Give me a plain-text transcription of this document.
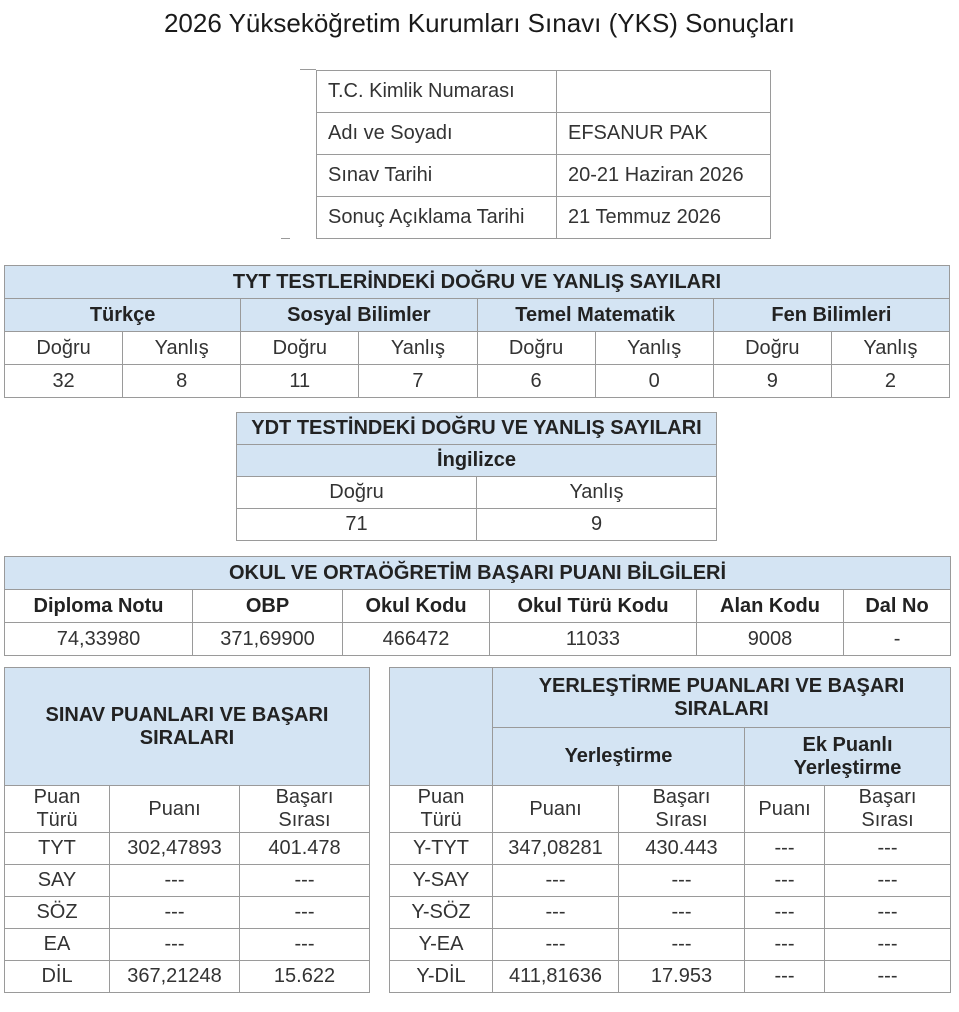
2026 Yükseköğretim Kurumları Sınavı (YKS) Sonuçları
T.C. Kimlik Numarası	
Adı ve Soyadı	EFSANUR PAK
Sınav Tarihi	20-21 Haziran 2026
Sonuç Açıklama Tarihi	21 Temmuz 2026
TYT TESTLERİNDEKİ DOĞRU VE YANLIŞ SAYILARI							
Türkçe		Sosyal Bilimler		Temel Matematik		Fen Bilimleri	
Doğru	Yanlış	Doğru	Yanlış	Doğru	Yanlış	Doğru	Yanlış
32	8	11	7	6	0	9	2
YDT TESTİNDEKİ DOĞRU VE YANLIŞ SAYILARI	
İngilizce	
Doğru	Yanlış
71	9
OKUL VE ORTAÖĞRETİM BAŞARI PUANI BİLGİLERİ					
Diploma Notu	OBP	Okul Kodu	Okul Türü Kodu	Alan Kodu	Dal No
74,33980	371,69900	466472	11033	9008	-
SINAV PUANLARI VE BAŞARI SIRALARI					YERLEŞTİRME PUANLARI VE BAŞARI SIRALARI			
					Yerleştirme		Ek Puanlı Yerleştirme	

Puan Türü	Puanı	Başarı Sırası		Puan Türü	Puanı	Başarı Sırası	Puanı	Başarı Sırası
TYT	302,47893	401.478		Y-TYT	347,08281	430.443	---	---
SAY	---	---		Y-SAY	---	---	---	---
SÖZ	---	---		Y-SÖZ	---	---	---	---
EA	---	---		Y-EA	---	---	---	---
DİL	367,21248	15.622		Y-DİL	411,81636	17.953	---	---
